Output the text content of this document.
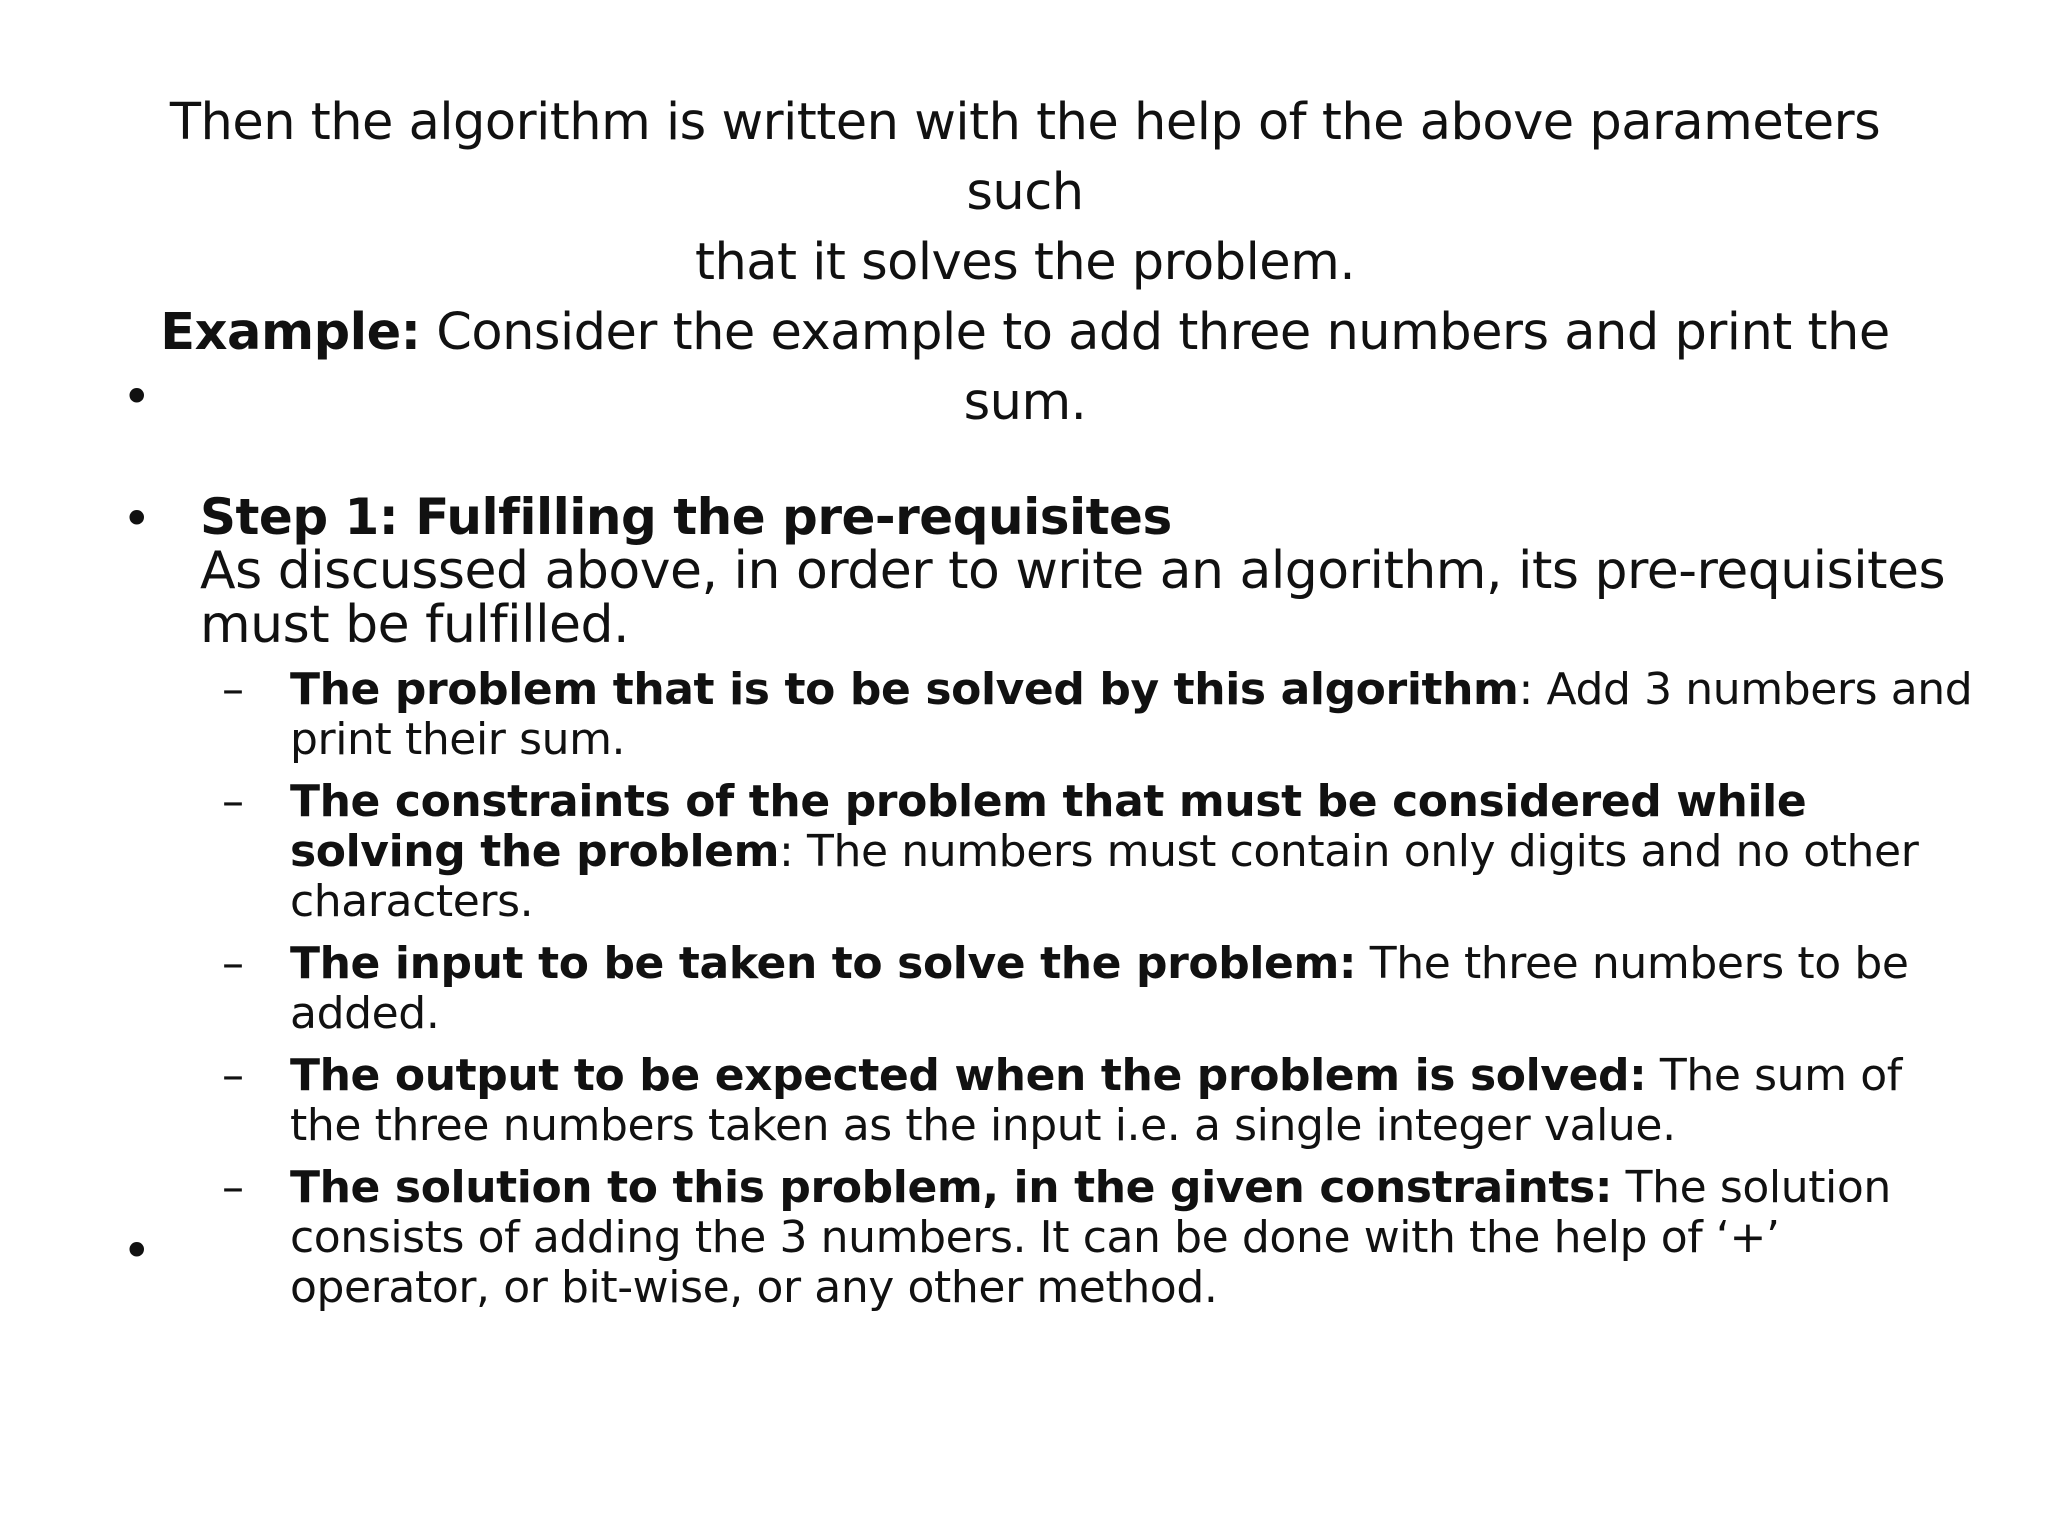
Then the algorithm is written with the help of the above parameters such
that it solves the problem.
Example: Consider the example to add three numbers and print the sum.
•
• Step 1: Fulfilling the pre-requisites
As discussed above, in order to write an algorithm, its pre-requisites must be fulfilled.
– The problem that is to be solved by this algorithm: Add 3 numbers and print their sum.
– The constraints of the problem that must be considered while solving the problem: The numbers must contain only digits and no other characters.
– The input to be taken to solve the problem: The three numbers to be added.
– The output to be expected when the problem is solved: The sum of the three numbers taken as the input i.e. a single integer value.
– The solution to this problem, in the given constraints: The solution consists of adding the 3 numbers. It can be done with the help of ‘+’ operator, or bit-wise, or any other method.
•
